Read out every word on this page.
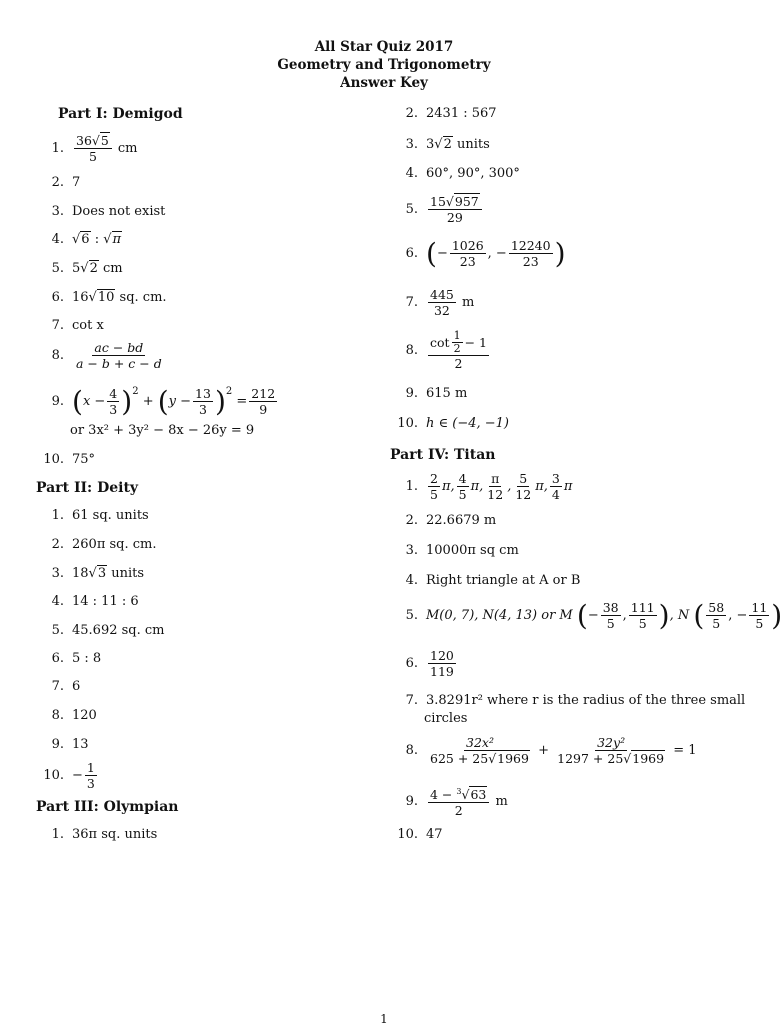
All Star Quiz 2017
Geometry and Trigonometry
Answer Key
Part I: Demigod
1. $\frac{36√5}{5}$ cm
2. 7
3. Does not exist
4. √ 6
:
√ π
5. 5 √ 2
cm
6. 16 √ 10
sq. cm.
7. cot x
8. $\frac{ac - bd}{a - b + c - d}$
9. ( $x - \frac{4}{3} )^2$
+ ( $y - \frac{13}{3} )^2$
= $\frac{212}{9}$
or 3x² + 3y² − 8x − 26y = 9
10. 75°
Part II: Deity
1. 61 sq. units
2. 260π sq. cm.
3. 18 √ 3
units
4. 14 : 11 : 6
5. 45.692 sq. cm
6. 5 : 8
7. 6
8. 120
9. 13
10. − $\frac{1}{3}$
Part III: Olympian
1. 36π sq. units
2. 2431 : 567
3. 3 √ 2
units
4. 60°, 90°, 300°
5. $\frac{15√957}{29}$
6. ( − $\frac{1026}{23}$ , − $\frac{12240}{23}$ )
7. $\frac{445}{32}$
m
8. $\frac{\cot \frac{1}{2} - 1}{2}$
9. 615 m
10. h ∈ (−4, −1)
Part IV: Titan
1. $\frac{2}{5} \pi$, $\frac{4}{5} \pi$, $\frac{\pi}{12}$ , $\frac{5}{12} \pi$, $\frac{3}{4}$ π
2. 22.6679 m
3. 10000π sq cm
4. Right triangle at A or B
5. M(0, 7), N(4, 13) or M
( − $\frac{38}{5}$ , $\frac{111}{5}$ ) , N
( $\frac{58}{5}$ , − $\frac{11}{5}$ )
6. $\frac{120}{119}$
7. 3.8291r² where r is the radius of the three small
circles
8. $\frac{\text{32x²}}{625 + 25√1969} + \frac{\text{32y²}}{1297 + 25√1969}$
= 1
9. $\frac{4 - ^3√63}{2}$
m
10. 47
1
